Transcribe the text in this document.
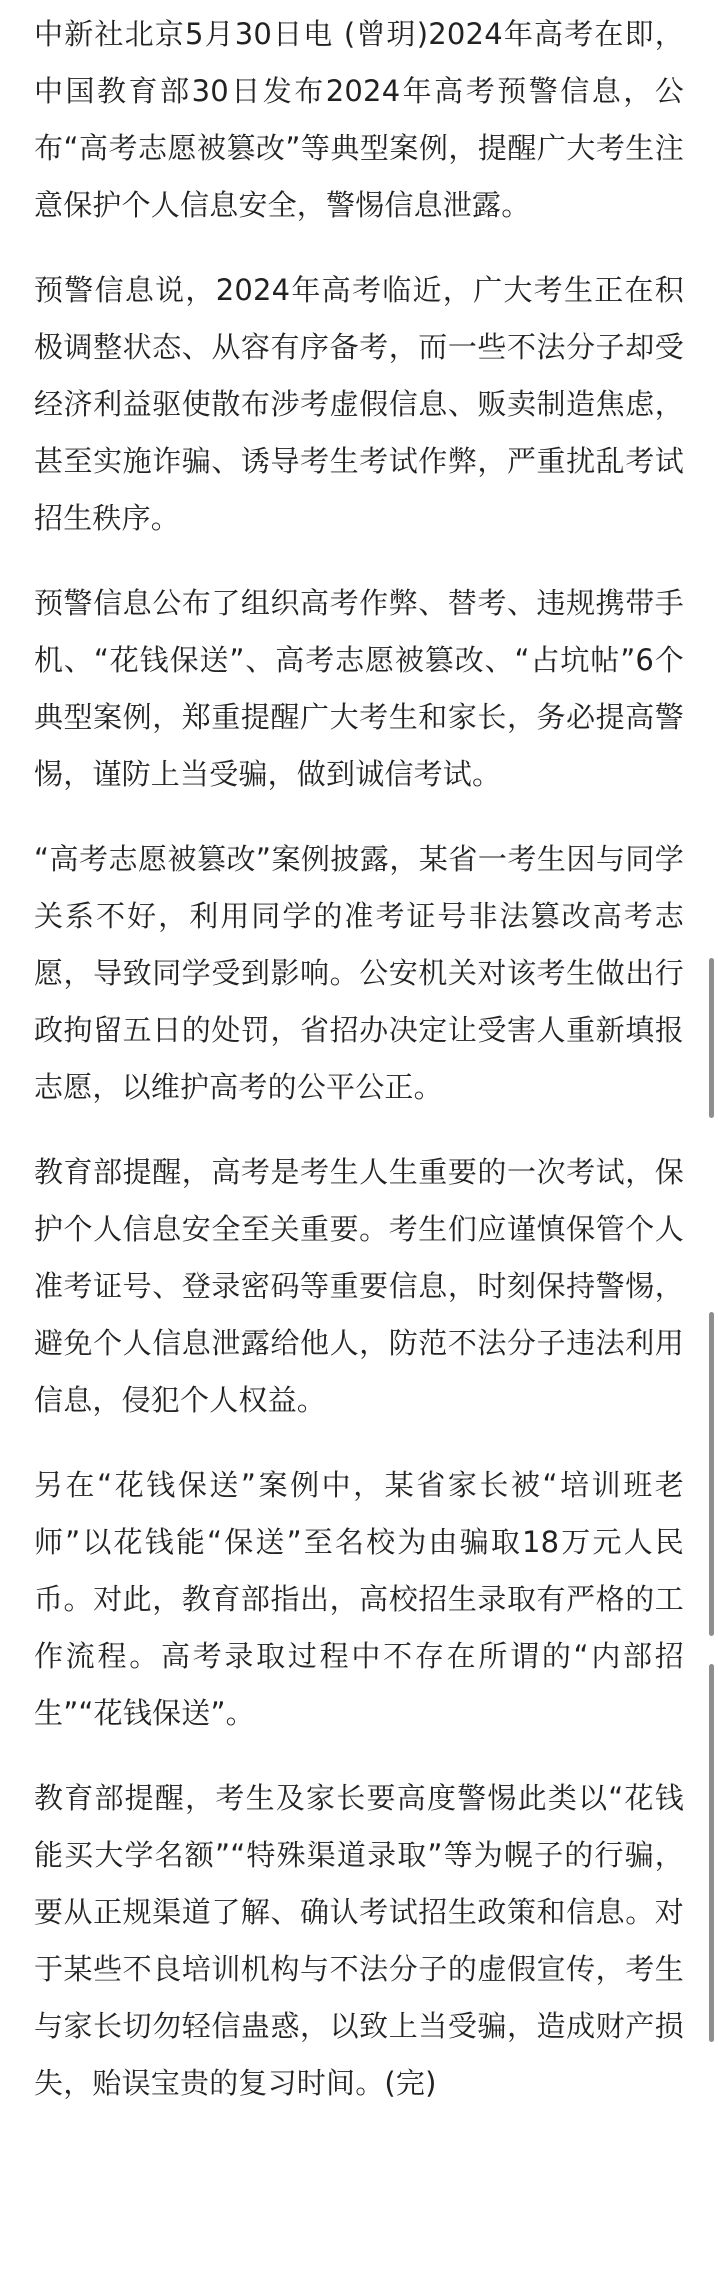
中新社北京5月30日电 (曾玥)2024年高考在即，中国教育部30日发布2024年高考预警信息，公布“高考志愿被篡改”等典型案例，提醒广大考生注意保护个人信息安全，警惕信息泄露。

预警信息说，2024年高考临近，广大考生正在积极调整状态、从容有序备考，而一些不法分子却受经济利益驱使散布涉考虚假信息、贩卖制造焦虑，甚至实施诈骗、诱导考生考试作弊，严重扰乱考试招生秩序。

预警信息公布了组织高考作弊、替考、违规携带手机、“花钱保送”、高考志愿被篡改、“占坑帖”6个典型案例，郑重提醒广大考生和家长，务必提高警惕，谨防上当受骗，做到诚信考试。

“高考志愿被篡改”案例披露，某省一考生因与同学关系不好，利用同学的准考证号非法篡改高考志愿，导致同学受到影响。公安机关对该考生做出行政拘留五日的处罚，省招办决定让受害人重新填报志愿，以维护高考的公平公正。

教育部提醒，高考是考生人生重要的一次考试，保护个人信息安全至关重要。考生们应谨慎保管个人准考证号、登录密码等重要信息，时刻保持警惕，避免个人信息泄露给他人，防范不法分子违法利用信息，侵犯个人权益。

另在“花钱保送”案例中，某省家长被“培训班老师”以花钱能“保送”至名校为由骗取18万元人民币。对此，教育部指出，高校招生录取有严格的工作流程。高考录取过程中不存在所谓的“内部招生”“花钱保送”。

教育部提醒，考生及家长要高度警惕此类以“花钱能买大学名额”“特殊渠道录取”等为幌子的行骗，要从正规渠道了解、确认考试招生政策和信息。对于某些不良培训机构与不法分子的虚假宣传，考生与家长切勿轻信蛊惑，以致上当受骗，造成财产损失，贻误宝贵的复习时间。(完)
